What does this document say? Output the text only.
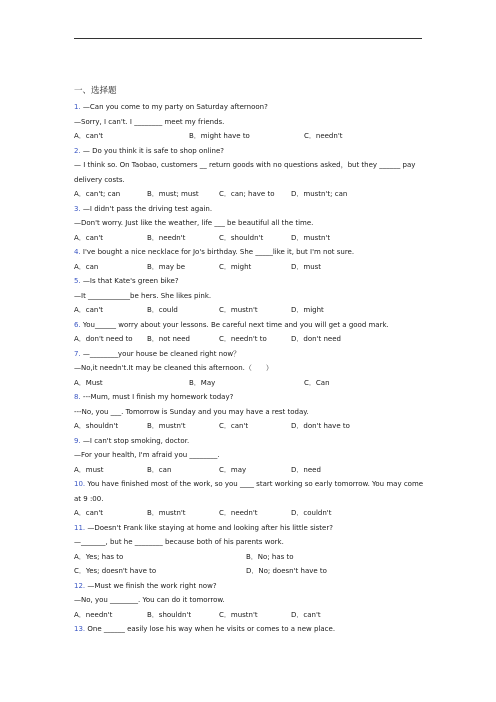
一、选择题
1. —Can you come to my party on Saturday afternoon?
—Sorry, I can't. I ________ meet my friends.
A．can't	B．might have to	C．needn't
2. — Do you think it is safe to shop online?
— I think so. On Taobao, customers __ return goods with no questions asked，but they ______ pay delivery costs.
A．can't; can	B．must; must	C．can; have to D．mustn't; can
3. —I didn't pass the driving test again.
—Don't worry. Just like the weather, life ___ be beautiful all the time.
A．can't	B．needn't	C．shouldn't	D．mustn't
4. I've bought a nice necklace for Jo's birthday. She _____like it, but I'm not sure.
A．can	B．may be	C．might	D．must
5. —Is that Kate's green bike?
—It ____________be hers. She likes pink.
A．can't	B．could	C．mustn't	D．might
6. You______ worry about your lessons. Be careful next time and you will get a good mark.
A．don't need to B．not need	C．needn't to	D．don't need
7. —________your house be cleaned right now？
—No,it needn't.It may be cleaned this afternoon.（　　）
A．Must	B．May	C．Can
8. ---Mum, must I finish my homework today?
---No, you ___. Tomorrow is Sunday and you may have a rest today.
A．shouldn't	B．mustn't	C．can't	D．don't have to
9. —I can't stop smoking, doctor.
—For your health, I'm afraid you ________.
A．must	B．can	C．may	D．need
10. You have finished most of the work, so you ____ start working so early tomorrow. You may come at 9 :00.
A．can't	B．mustn't	C．needn't	D．couldn't
11. —Doesn't Frank like staying at home and looking after his little sister?
—_______, but he ________ because both of his parents work.
A．Yes; has to	B．No; has to
C．Yes; doesn't have to	D．No; doesn't have to
12. —Must we finish the work right now?
—No, you ________. You can do it tomorrow.
A．needn't	B．shouldn't	C．mustn't	D．can't
13. One ______ easily lose his way when he visits or comes to a new place.
